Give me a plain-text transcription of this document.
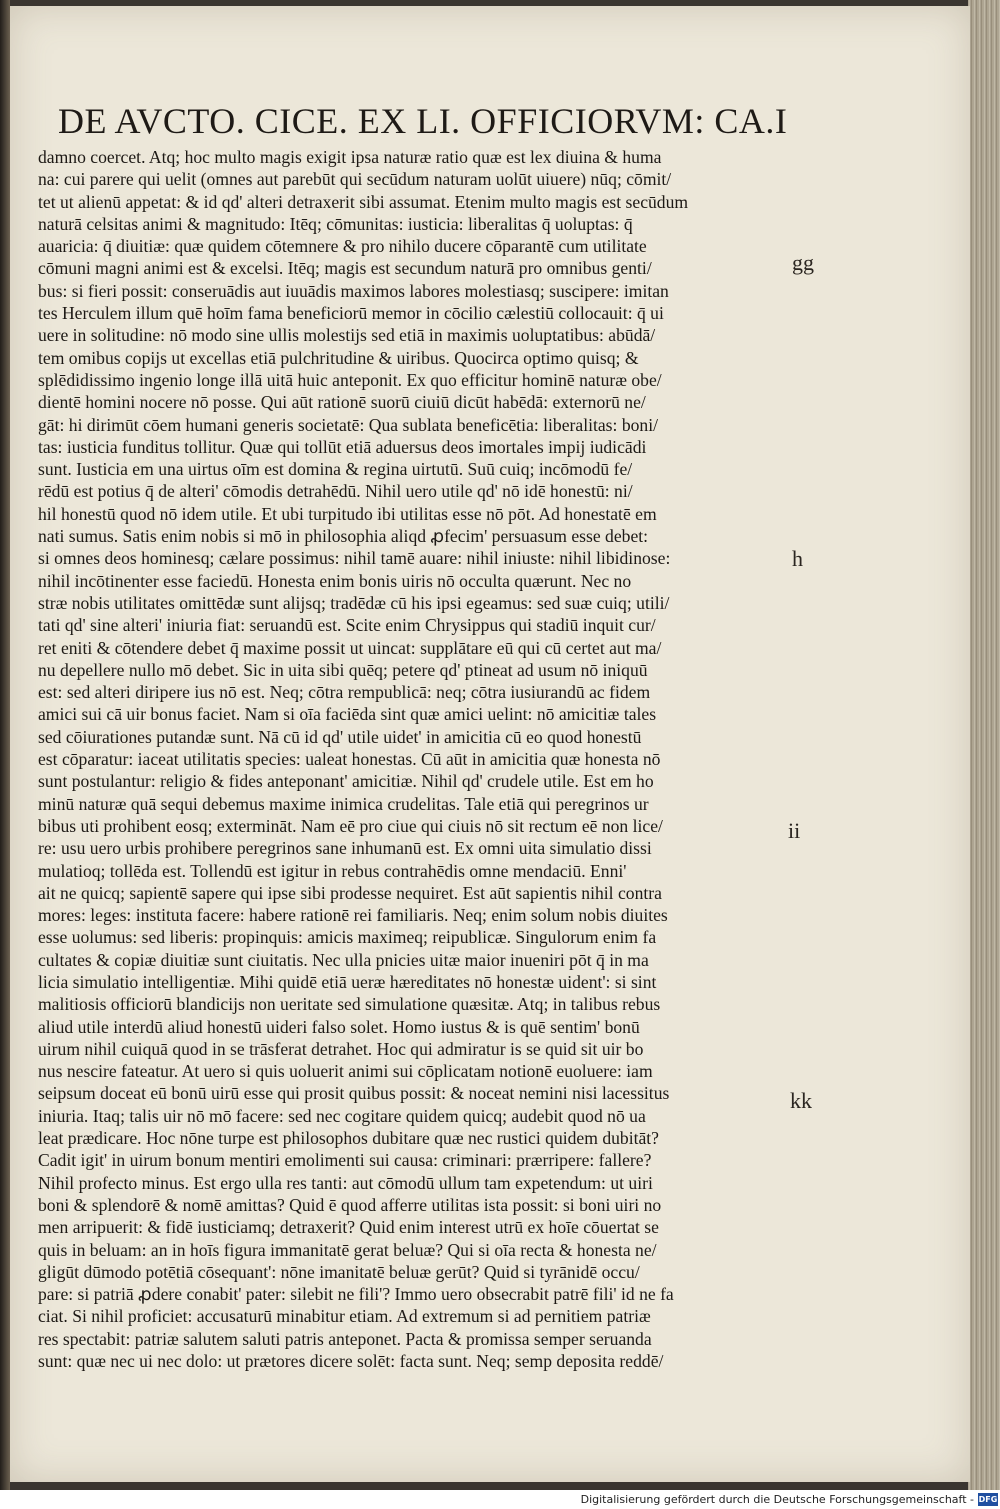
DE AVCTO. CICE. EX LI. OFFICIORVM: CA.I
damno coercet. Atq; hoc multo magis exigit ipsa naturæ ratio quæ est lex diuina & huma
na: cui parere qui uelit (omnes aut parebūt qui secūdum naturam uolūt uiuere) nūq; cōmit/
tet ut alienū appetat: & id qd' alteri detraxerit sibi assumat. Etenim multo magis est secūdum
naturā celsitas animi & magnitudo: Itēq; cōmunitas: iusticia: liberalitas q̄ uoluptas: q̄
auaricia: q̄ diuitiæ: quæ quidem cōtemnere & pro nihilo ducere cōparantē cum utilitate
cōmuni magni animi est & excelsi. Itēq; magis est secundum naturā pro omnibus genti/
bus: si fieri possit: conseruādis aut iuuādis maximos labores molestiasq; suscipere: imitan
tes Herculem illum quē hoīm fama beneficiorū memor in cōcilio cælestiū collocauit: q̄ ui
uere in solitudine: nō modo sine ullis molestijs sed etiā in maximis uoluptatibus: abūdā/
tem omibus copijs ut excellas etiā pulchritudine & uiribus. Quocirca optimo quisq; &
splēdidissimo ingenio longe illā uitā huic anteponit. Ex quo efficitur hominē naturæ obe/
dientē homini nocere nō posse. Qui aūt rationē suorū ciuiū dicūt habēdā: externorū ne/
gāt: hi dirimūt cōem humani generis societatē: Qua sublata beneficētia: liberalitas: boni/
tas: iusticia funditus tollitur. Quæ qui tollūt etiā aduersus deos imortales impij iudicādi
sunt. Iusticia em una uirtus oīm est domina & regina uirtutū. Suū cuiq; incōmodū fe/
rēdū est potius q̄ de alteri' cōmodis detrahēdū. Nihil uero utile qd' nō idē honestū: ni/
hil honestū quod nō idem utile. Et ubi turpitudo ibi utilitas esse nō pōt. Ad honestatē em
nati sumus. Satis enim nobis si mō in philosophia aliqd ꝓfecim' persuasum esse debet:
si omnes deos hominesq; cælare possimus: nihil tamē auare: nihil iniuste: nihil libidinose:
nihil incōtinenter esse faciedū. Honesta enim bonis uiris nō occulta quærunt. Nec no
stræ nobis utilitates omittēdæ sunt alijsq; tradēdæ cū his ipsi egeamus: sed suæ cuiq; utili/
tati qd' sine alteri' iniuria fiat: seruandū est. Scite enim Chrysippus qui stadiū inquit cur/
ret eniti & cōtendere debet q̄ maxime possit ut uincat: supplātare eū qui cū certet aut ma/
nu depellere nullo mō debet. Sic in uita sibi quēq; petere qd' ptineat ad usum nō iniquū
est: sed alteri diripere ius nō est. Neq; cōtra rempublicā: neq; cōtra iusiurandū ac fidem
amici sui cā uir bonus faciet. Nam si oīa faciēda sint quæ amici uelint: nō amicitiæ tales
sed cōiurationes putandæ sunt. Nā cū id qd' utile uidet' in amicitia cū eo quod honestū
est cōparatur: iaceat utilitatis species: ualeat honestas. Cū aūt in amicitia quæ honesta nō
sunt postulantur: religio & fides anteponant' amicitiæ. Nihil qd' crudele utile. Est em ho
minū naturæ quā sequi debemus maxime inimica crudelitas. Tale etiā qui peregrinos ur
bibus uti prohibent eosq; extermināt. Nam eē pro ciue qui ciuis nō sit rectum eē non lice/
re: usu uero urbis prohibere peregrinos sane inhumanū est. Ex omni uita simulatio dissi
mulatioq; tollēda est. Tollendū est igitur in rebus contrahēdis omne mendaciū. Enni'
ait ne quicq; sapientē sapere qui ipse sibi prodesse nequiret. Est aūt sapientis nihil contra
mores: leges: instituta facere: habere rationē rei familiaris. Neq; enim solum nobis diuites
esse uolumus: sed liberis: propinquis: amicis maximeq; reipublicæ. Singulorum enim fa
cultates & copiæ diuitiæ sunt ciuitatis. Nec ulla pnicies uitæ maior inueniri pōt q̄ in ma
licia simulatio intelligentiæ. Mihi quidē etiā ueræ hæreditates nō honestæ uident': si sint
malitiosis officiorū blandicijs non ueritate sed simulatione quæsitæ. Atq; in talibus rebus
aliud utile interdū aliud honestū uideri falso solet. Homo iustus & is quē sentim' bonū
uirum nihil cuiquā quod in se trāsferat detrahet. Hoc qui admiratur is se quid sit uir bo
nus nescire fateatur. At uero si quis uoluerit animi sui cōplicatam notionē euoluere: iam
seipsum doceat eū bonū uirū esse qui prosit quibus possit: & noceat nemini nisi lacessitus
iniuria. Itaq; talis uir nō mō facere: sed nec cogitare quidem quicq; audebit quod nō ua
leat prædicare. Hoc nōne turpe est philosophos dubitare quæ nec rustici quidem dubitāt?
Cadit igit' in uirum bonum mentiri emolimenti sui causa: criminari: prærripere: fallere?
Nihil profecto minus. Est ergo ulla res tanti: aut cōmodū ullum tam expetendum: ut uiri
boni & splendorē & nomē amittas? Quid ē quod afferre utilitas ista possit: si boni uiri no
men arripuerit: & fidē iusticiamq; detraxerit? Quid enim interest utrū ex hoīe cōuertat se
quis in beluam: an in hoīs figura immanitatē gerat beluæ? Qui si oīa recta & honesta ne/
gligūt dūmodo potētiā cōsequant': nōne imanitatē beluæ gerūt? Quid si tyrānidē occu/
pare: si patriā ꝓdere conabit' pater: silebit ne fili'? Immo uero obsecrabit patrē fili' id ne fa
ciat. Si nihil proficiet: accusaturū minabitur etiam. Ad extremum si ad pernitiem patriæ
res spectabit: patriæ salutem saluti patris anteponet. Pacta & promissa semper seruanda
sunt: quæ nec ui nec dolo: ut prætores dicere solēt: facta sunt. Neq; semp deposita reddē/
gg
h
ii
kk
Digitalisierung gefördert durch die Deutsche Forschungsgemeinschaft - DFG
